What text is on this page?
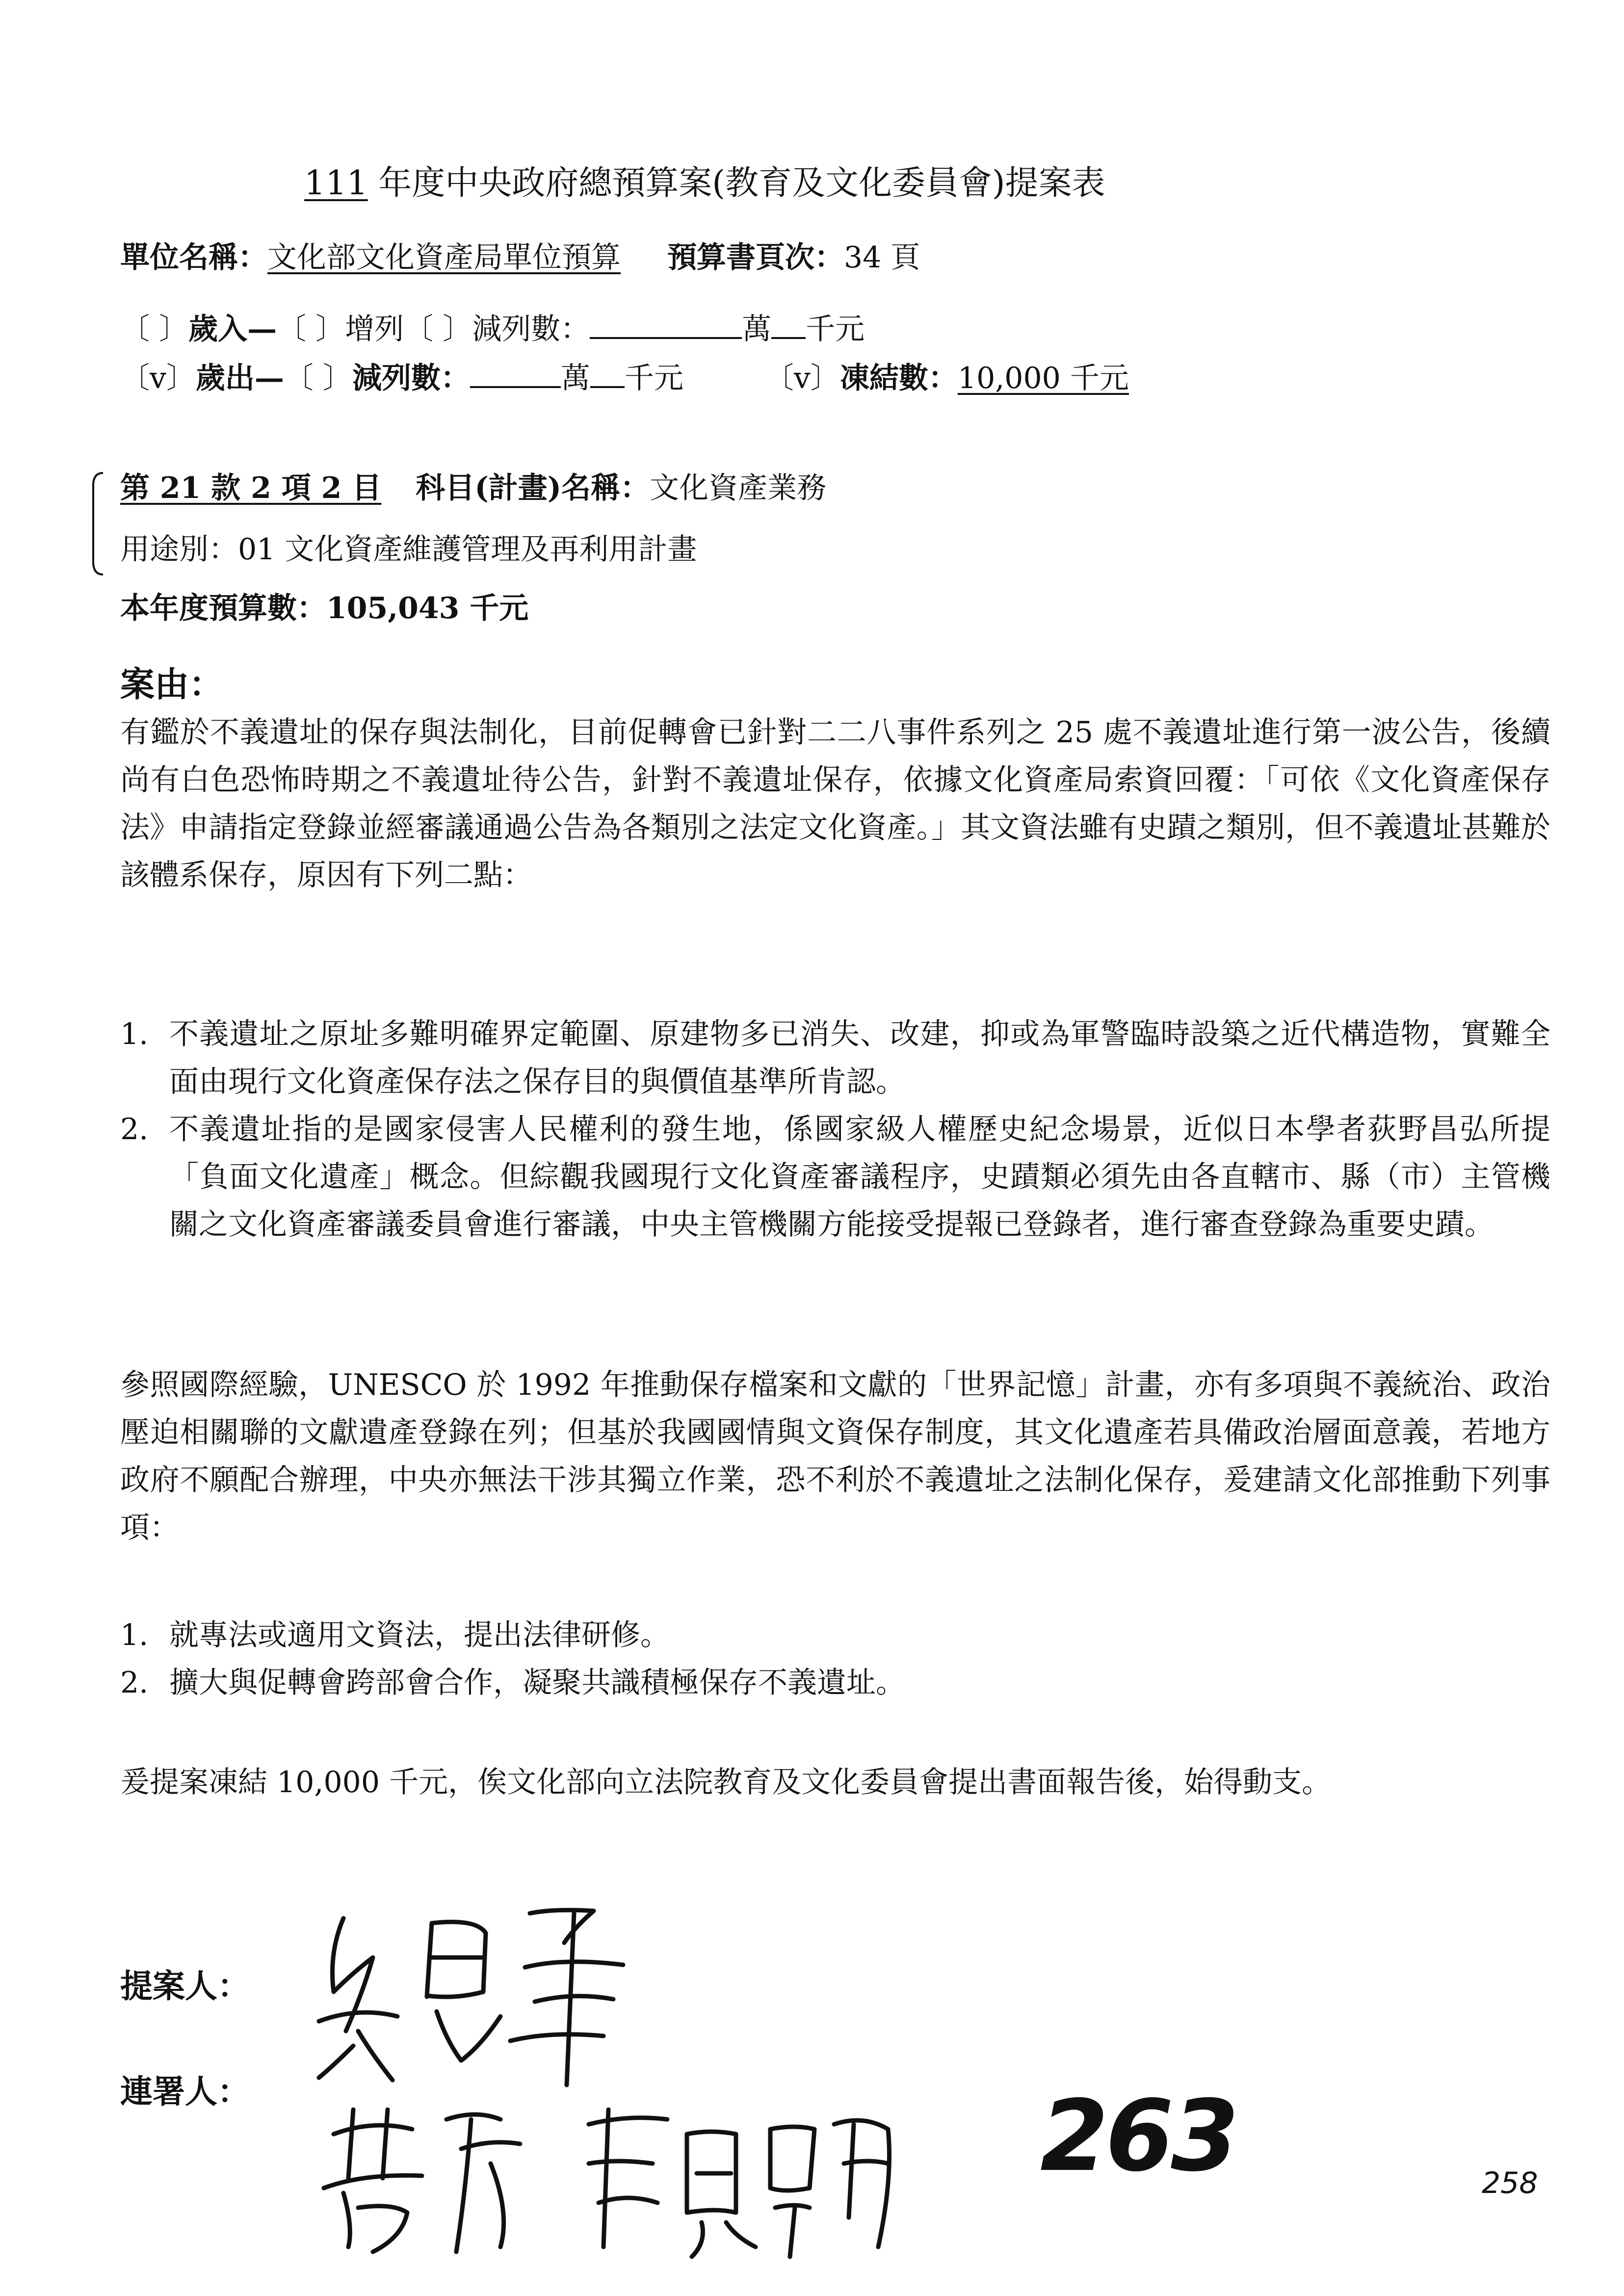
111 年度中央政府總預算案(教育及文化委員會)提案表
單位名稱：文化部文化資產局單位預算 預算書頁次：34 頁
〔 〕歲入—〔 〕增列〔 〕減列數：	萬 千元
〔v〕歲出—〔 〕減列數：	萬 千元	〔v〕凍結數：10,000 千元
第 21 款 2 項 2 目 科目(計畫)名稱：文化資產業務
用途別：01 文化資產維護管理及再利用計畫
本年度預算數：105,043 千元
案由：
有鑑於不義遺址的保存與法制化，目前促轉會已針對二二八事件系列之 25 處不義遺址進行第一波公告，後續尚有白色恐怖時期之不義遺址待公告，針對不義遺址保存，依據文化資產局索資回覆：「可依《文化資產保存法》申請指定登錄並經審議通過公告為各類別之法定文化資產。」其文資法雖有史蹟之類別，但不義遺址甚難於該體系保存，原因有下列二點：
1. 不義遺址之原址多難明確界定範圍、原建物多已消失、改建，抑或為軍警臨時設築之近代構造物，實難全面由現行文化資產保存法之保存目的與價值基準所肯認。
2. 不義遺址指的是國家侵害人民權利的發生地，係國家級人權歷史紀念場景，近似日本學者荻野昌弘所提「負面文化遺產」概念。但綜觀我國現行文化資產審議程序，史蹟類必須先由各直轄市、縣（市）主管機關之文化資產審議委員會進行審議，中央主管機關方能接受提報已登錄者，進行審查登錄為重要史蹟。
參照國際經驗，UNESCO 於 1992 年推動保存檔案和文獻的「世界記憶」計畫，亦有多項與不義統治、政治壓迫相關聯的文獻遺產登錄在列；但基於我國國情與文資保存制度，其文化遺產若具備政治層面意義，若地方政府不願配合辦理，中央亦無法干涉其獨立作業，恐不利於不義遺址之法制化保存，爰建請文化部推動下列事項：
1. 就專法或適用文資法，提出法律研修。
2. 擴大與促轉會跨部會合作，凝聚共識積極保存不義遺址。
爰提案凍結 10,000 千元，俟文化部向立法院教育及文化委員會提出書面報告後，始得動支。
提案人：
連署人：	263	258
